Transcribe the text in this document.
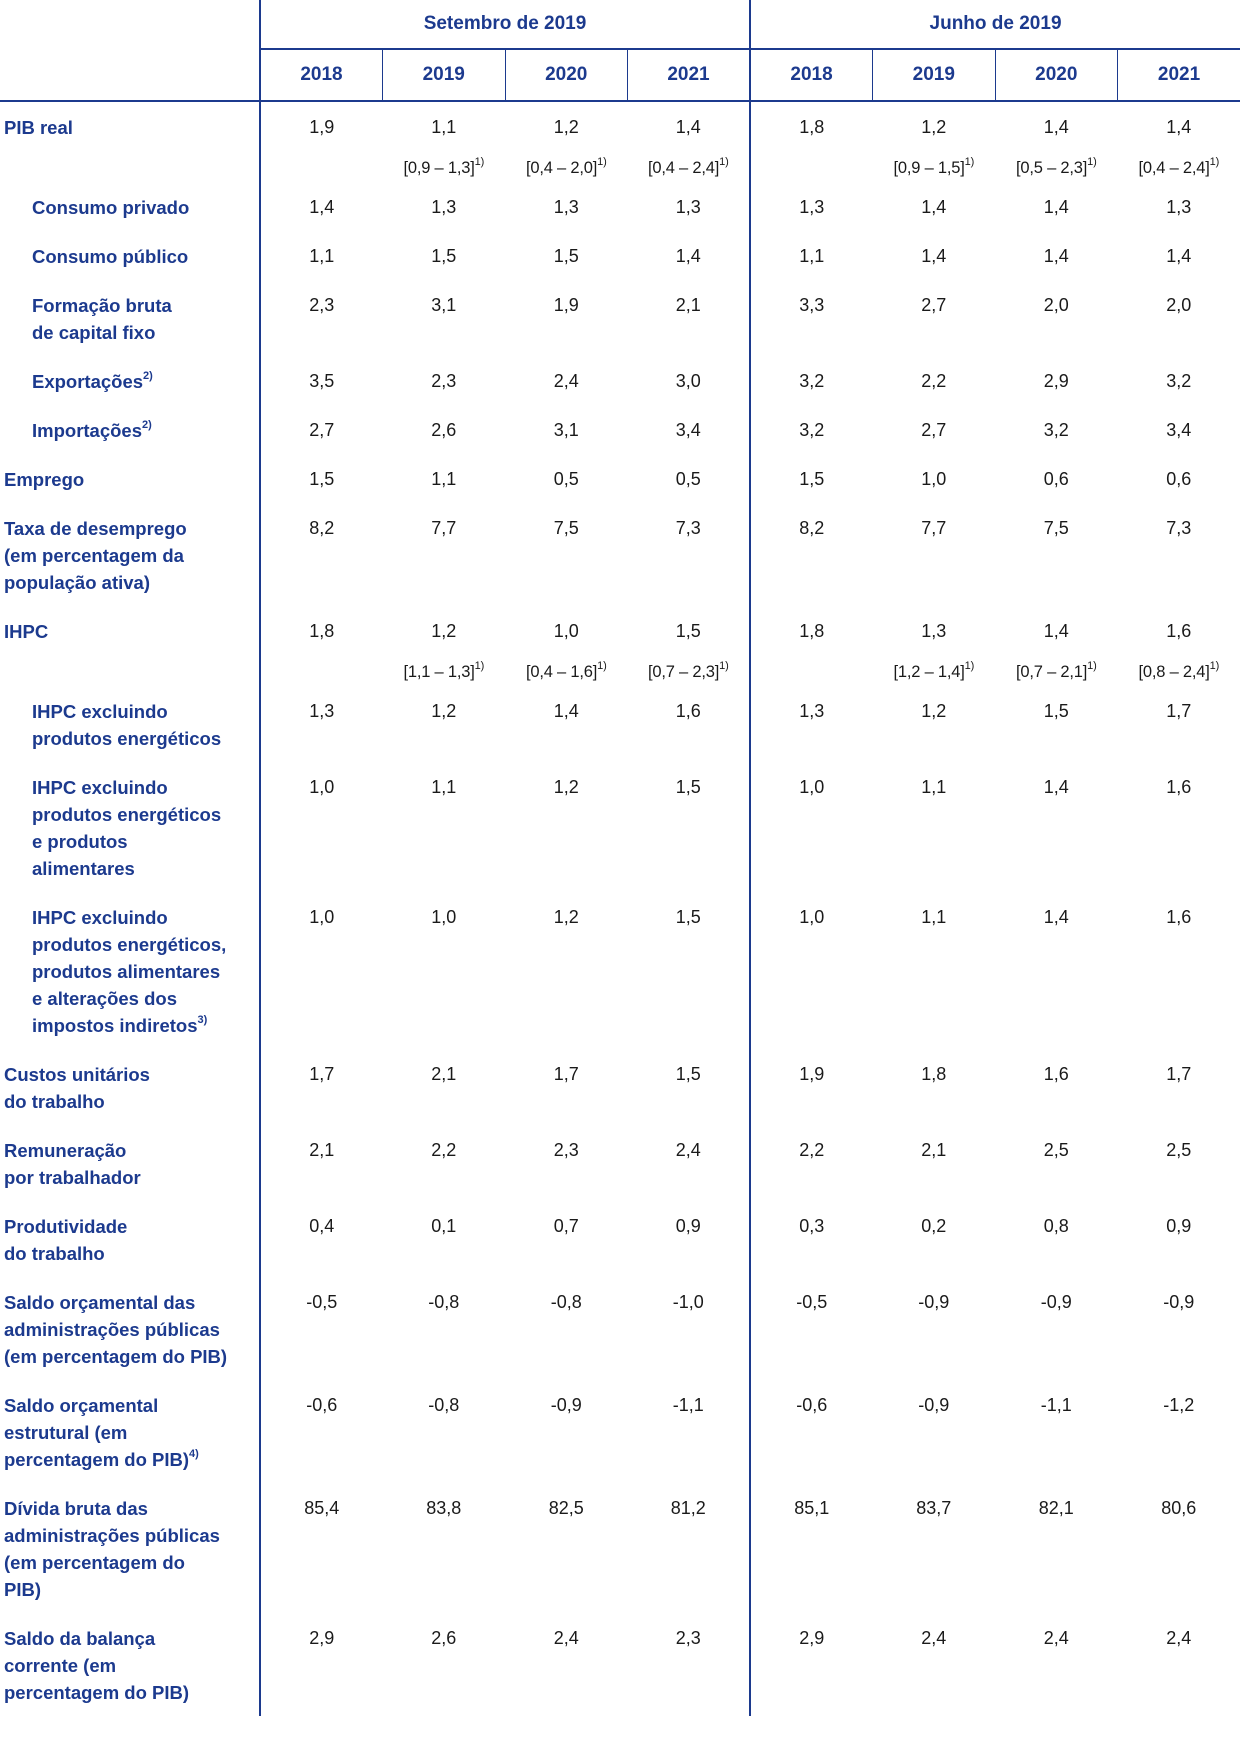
	Setembro de 2019				Junho de 2019			
	2018	2019	2020	2021	2018	2019	2020	2021

PIB real	1,9	1,1	1,2	1,4	1,8	1,2	1,4	1,4
		[0,9 – 1,3]$^{1)}$	[0,4 – 2,0]$^{1)}$	[0,4 – 2,4]$^{1)}$		[0,9 – 1,5]$^{1)}$	[0,5 – 2,3]$^{1)}$	[0,4 – 2,4]$^{1)}$

Consumo privado	1,4	1,3	1,3	1,3	1,3	1,4	1,4	1,3

Consumo público	1,1	1,5	1,5	1,4	1,1	1,4	1,4	1,4

Formação bruta
de capital fixo	2,3	3,1	1,9	2,1	3,3	2,7	2,0	2,0

Exportações$^{2)}$	3,5	2,3	2,4	3,0	3,2	2,2	2,9	3,2

Importações$^{2)}$	2,7	2,6	3,1	3,4	3,2	2,7	3,2	3,4

Emprego	1,5	1,1	0,5	0,5	1,5	1,0	0,6	0,6

Taxa de desemprego
(em percentagem da
população ativa)	8,2	7,7	7,5	7,3	8,2	7,7	7,5	7,3

IHPC	1,8	1,2	1,0	1,5	1,8	1,3	1,4	1,6
		[1,1 – 1,3]$^{1)}$	[0,4 – 1,6]$^{1)}$	[0,7 – 2,3]$^{1)}$		[1,2 – 1,4]$^{1)}$	[0,7 – 2,1]$^{1)}$	[0,8 – 2,4]$^{1)}$

IHPC excluindo
produtos energéticos	1,3	1,2	1,4	1,6	1,3	1,2	1,5	1,7

IHPC excluindo
produtos energéticos
e produtos
alimentares	1,0	1,1	1,2	1,5	1,0	1,1	1,4	1,6

IHPC excluindo
produtos energéticos,
produtos alimentares
e alterações dos
impostos indiretos$^{3)}$	1,0	1,0	1,2	1,5	1,0	1,1	1,4	1,6

Custos unitários
do trabalho	1,7	2,1	1,7	1,5	1,9	1,8	1,6	1,7

Remuneração
por trabalhador	2,1	2,2	2,3	2,4	2,2	2,1	2,5	2,5

Produtividade
do trabalho	0,4	0,1	0,7	0,9	0,3	0,2	0,8	0,9

Saldo orçamental das
administrações públicas
(em percentagem do PIB)	-0,5	-0,8	-0,8	-1,0	-0,5	-0,9	-0,9	-0,9

Saldo orçamental
estrutural (em
percentagem do PIB)$^{4)}$	-0,6	-0,8	-0,9	-1,1	-0,6	-0,9	-1,1	-1,2

Dívida bruta das
administrações públicas
(em percentagem do
PIB)	85,4	83,8	82,5	81,2	85,1	83,7	82,1	80,6

Saldo da balança
corrente (em
percentagem do PIB)	2,9	2,6	2,4	2,3	2,9	2,4	2,4	2,4
